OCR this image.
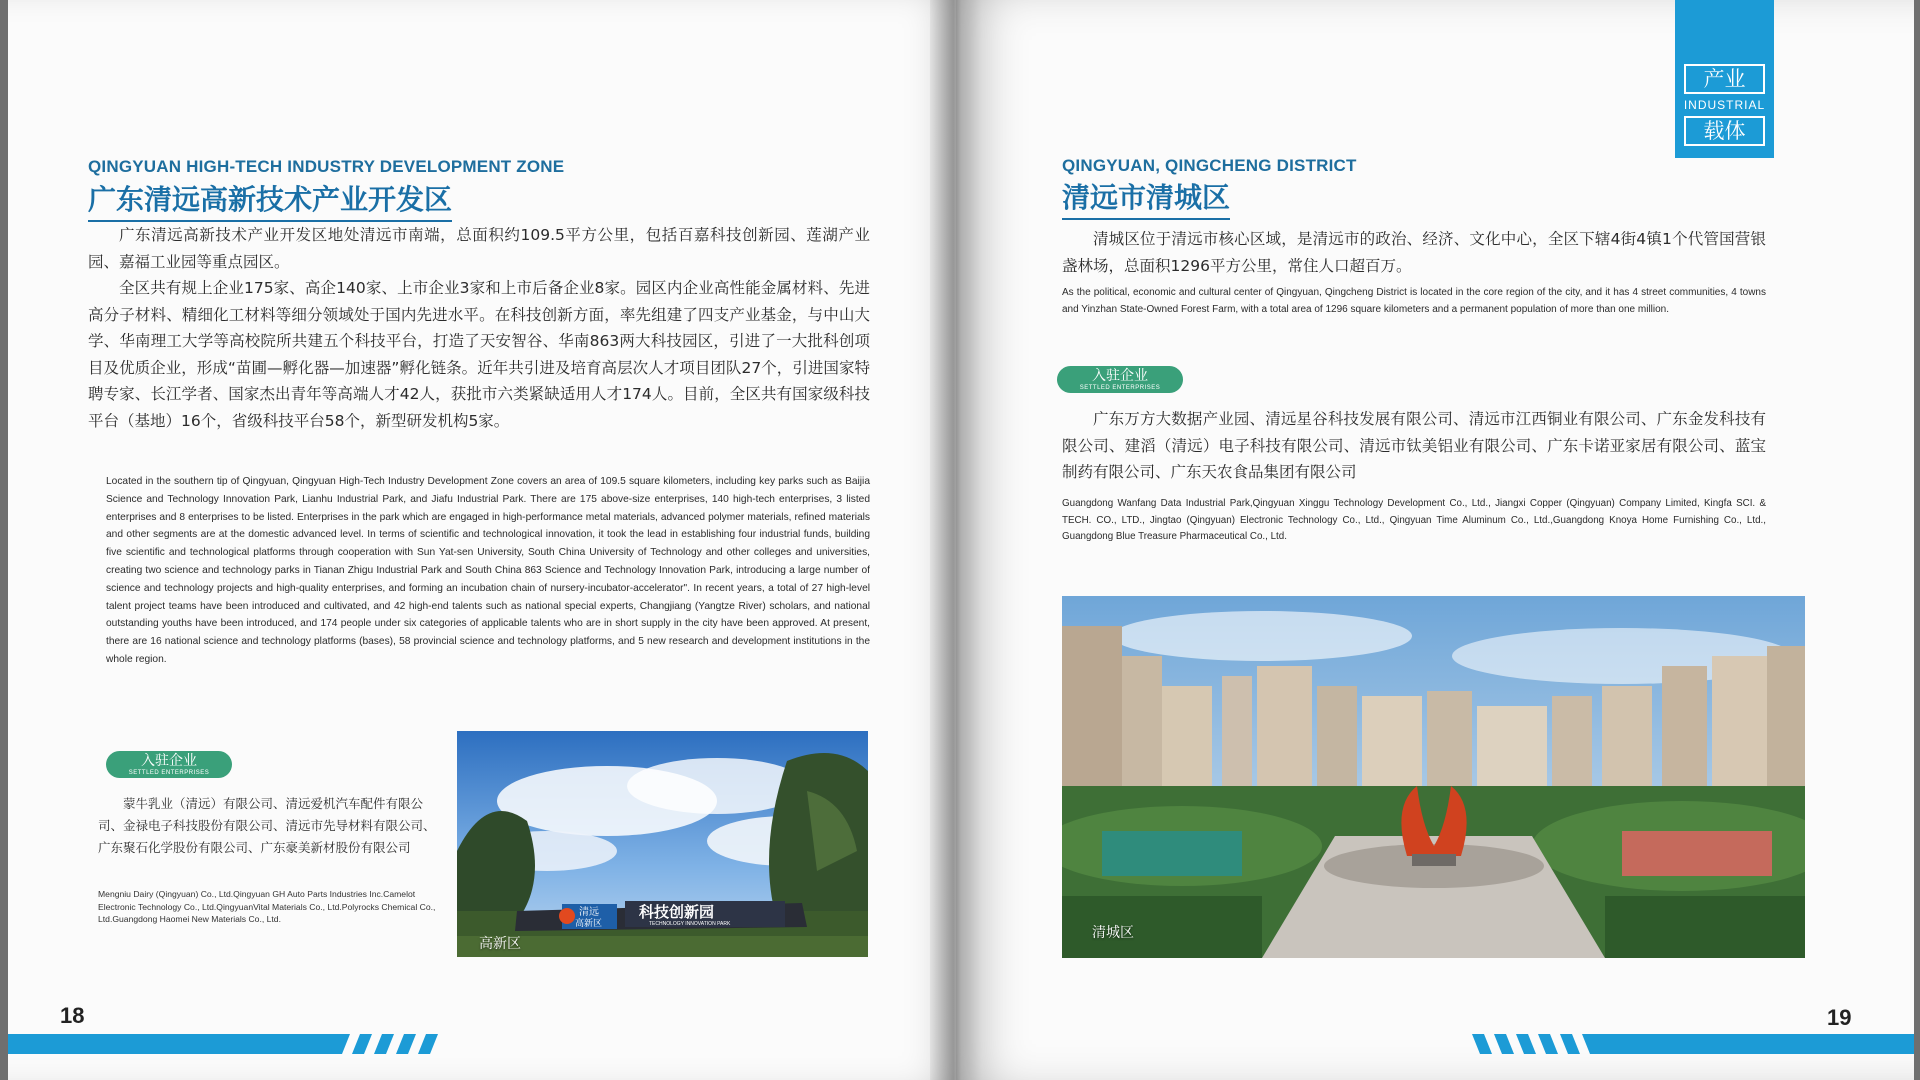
QINGYUAN HIGH-TECH INDUSTRY DEVELOPMENT ZONE
广东清远高新技术产业开发区

广东清远高新技术产业开发区地处清远市南端，总面积约109.5平方公里，包括百嘉科技创新园、莲湖产业园、嘉福工业园等重点园区。

全区共有规上企业175家、高企140家、上市企业3家和上市后备企业8家。园区内企业高性能金属材料、先进高分子材料、精细化工材料等细分领域处于国内先进水平。在科技创新方面，率先组建了四支产业基金，与中山大学、华南理工大学等高校院所共建五个科技平台，打造了天安智谷、华南863两大科技园区，引进了一大批科创项目及优质企业，形成“苗圃—孵化器—加速器”孵化链条。近年共引进及培育高层次人才项目团队27个，引进国家特聘专家、长江学者、国家杰出青年等高端人才42人，获批市六类紧缺适用人才174人。目前，全区共有国家级科技平台（基地）16个，省级科技平台58个，新型研发机构5家。

Located in the southern tip of Qingyuan, Qingyuan High-Tech Industry Development Zone covers an area of 109.5 square kilometers, including key parks such as Baijia Science and Technology Innovation Park, Lianhu Industrial Park, and Jiafu Industrial Park. There are 175 above-size enterprises, 140 high-tech enterprises, 3 listed enterprises and 8 enterprises to be listed. Enterprises in the park which are engaged in high-performance metal materials, advanced polymer materials, refined materials and other segments are at the domestic advanced level. In terms of scientific and technological innovation, it took the lead in establishing four industrial funds, building five scientific and technological platforms through cooperation with Sun Yat-sen University, South China University of Technology and other colleges and universities, creating two science and technology parks in Tianan Zhigu Industrial Park and South China 863 Science and Technology Innovation Park, introducing a large number of science and technology projects and high-quality enterprises, and forming an incubation chain of nursery-incubator-accelerator". In recent years, a total of 27 high-level talent project teams have been introduced and cultivated, and 42 high-end talents such as national special experts, Changjiang (Yangtze River) scholars, and national outstanding youths have been introduced, and 174 people under six categories of applicable talents who are in short supply in the city have been approved. At present, there are 16 national science and technology platforms (bases), 58 provincial science and technology platforms, and 5 new research and development institutions in the whole region.

入驻企业
SETTLED ENTERPRISES

蒙牛乳业（清远）有限公司、清远爱机汽车配件有限公司、金禄电子科技股份有限公司、清远市先导材料有限公司、广东聚石化学股份有限公司、广东豪美新材股份有限公司

Mengniu Dairy (Qingyuan) Co., Ltd.Qingyuan GH Auto Parts Industries Inc.Camelot Electronic Technology Co., Ltd.QingyuanVital Materials Co., Ltd.Polyrocks Chemical Co., Ltd.Guangdong Haomei New Materials Co., Ltd.

清远
高新区
科技创新园
TECHNOLOGY INNOVATION PARK
高新区
18
产业
INDUSTRIAL
载体
QINGYUAN, QINGCHENG DISTRICT
清远市清城区

清城区位于清远市核心区域，是清远市的政治、经济、文化中心，全区下辖4街4镇1个代管国营银盏林场，总面积1296平方公里，常住人口超百万。

As the political, economic and cultural center of Qingyuan, Qingcheng District is located in the core region of the city, and it has 4 street communities, 4 towns and Yinzhan State-Owned Forest Farm, with a total area of 1296 square kilometers and a permanent population of more than one million.

入驻企业
SETTLED ENTERPRISES

广东万方大数据产业园、清远星谷科技发展有限公司、清远市江西铜业有限公司、广东金发科技有限公司、建滔（清远）电子科技有限公司、清远市钛美铝业有限公司、广东卡诺亚家居有限公司、蓝宝制药有限公司、广东天农食品集团有限公司

Guangdong Wanfang Data Industrial Park,Qingyuan Xinggu Technology Development Co., Ltd., Jiangxi Copper (Qingyuan) Company Limited, Kingfa SCI. & TECH. CO., LTD., Jingtao (Qingyuan) Electronic Technology Co., Ltd., Qingyuan Time Aluminum Co., Ltd.,Guangdong Knoya Home Furnishing Co., Ltd., Guangdong Blue Treasure Pharmaceutical Co., Ltd.

清城区
19
